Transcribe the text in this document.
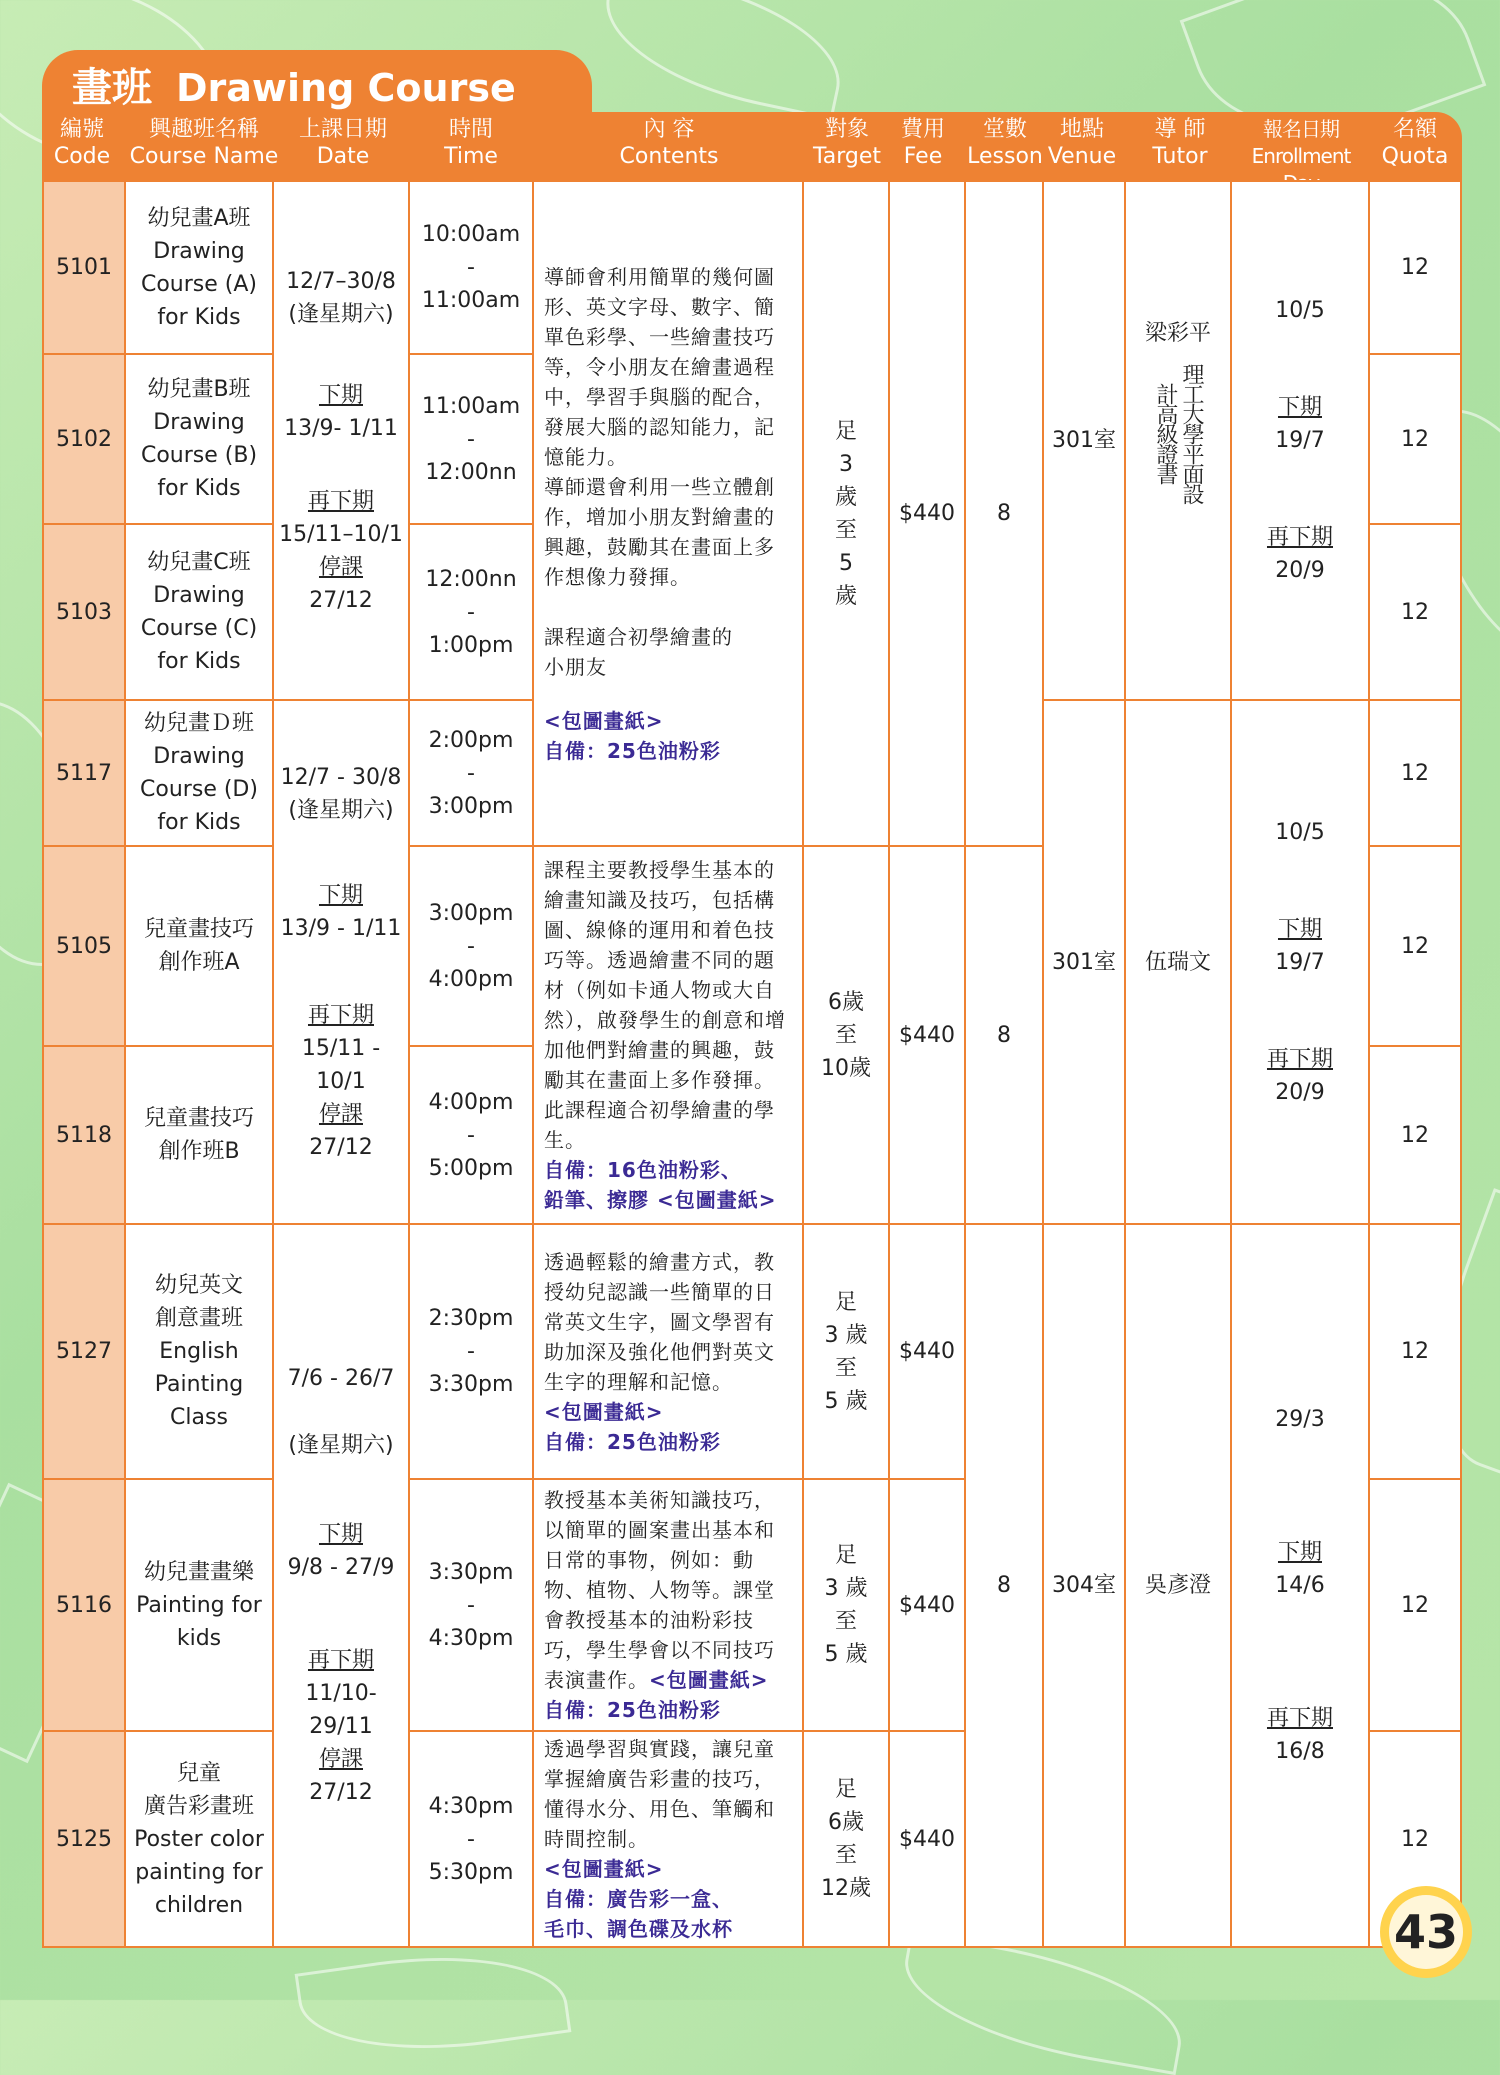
畫班 Drawing Course
編號
Code
興趣班名稱
Course Name
上課日期
Date
時間
Time
內 容
Contents
對象
Target
費用
Fee
堂數
Lesson
地點
Venue
導 師
Tutor
報名日期
Enrollment
名額
Quota
5101
5102
5103
5117
5105
5118
5127
5116
5125
幼兒畫A班
Drawing
Course (A)
for Kids
幼兒畫B班
Drawing
Course (B)
for Kids
幼兒畫C班
Drawing
Course (C)
for Kids
幼兒畫Ｄ班
Drawing
Course (D)
for Kids
兒童畫技巧
創作班A
兒童畫技巧
創作班B
幼兒英文
創意畫班
English
Painting
Class
幼兒畫畫樂
Painting for
kids
兒童
廣告彩畫班
Poster color
painting for
children
12/7–30/8
(逢星期六)
下期
13/9- 1/11
再下期
15/11–10/1
停課
27/12
12/7 - 30/8
(逢星期六)
下期
13/9 - 1/11
再下期
15/11 - 10/1
停課
27/12
7/6 - 26/7
(逢星期六)
下期
9/8 - 27/9
再下期
11/10-29/11
停課
27/12
10:00am
-
11:00am
11:00am
-
12:00nn
12:00nn
-
1:00pm
2:00pm
-
3:00pm
3:00pm
-
4:00pm
4:00pm
-
5:00pm
2:30pm
-
3:30pm
3:30pm
-
4:30pm
4:30pm
-
5:30pm
導師會利用簡單的幾何圖形、英文字母、數字、簡單色彩學、一些繪畫技巧等，令小朋友在繪畫過程中，學習手與腦的配合，發展大腦的認知能力，記憶能力。
導師還會利用一些立體創作，增加小朋友對繪畫的興趣，鼓勵其在畫面上多作想像力發揮。

課程適合初學繪畫的
小朋友
<包圖畫紙>
自備：25色油粉彩
課程主要教授學生基本的繪畫知識及技巧，包括構圖、線條的運用和着色技巧等。透過繪畫不同的題材（例如卡通人物或大自然），啟發學生的創意和增加他們對繪畫的興趣，鼓勵其在畫面上多作發揮。此課程適合初學繪畫的學生。
自備：16色油粉彩、
鉛筆、擦膠 <包圖畫紙>
透過輕鬆的繪畫方式，教授幼兒認識一些簡單的日常英文生字，圖文學習有助加深及強化他們對英文生字的理解和記憶。
<包圖畫紙>
自備：25色油粉彩
教授基本美術知識技巧，以簡單的圖案畫出基本和日常的事物，例如：動物、植物、人物等。課堂會教授基本的油粉彩技巧，學生學會以不同技巧表演畫作。<包圖畫紙>
自備：25色油粉彩
透過學習與實踐，讓兒童掌握繪廣告彩畫的技巧，懂得水分、用色、筆觸和時間控制。
<包圖畫紙>
自備：廣告彩一盒、
毛巾、調色碟及水杯
足
3
歲
至
5
歲
6歲
至
10歲
足
3 歲
至
5 歲
足
3 歲
至
5 歲
足
6歲
至
12歲
$440
$440
$440
$440
$440
8
8
8
301室
301室
304室
梁彩平
理工大學平面設計高級證書
伍瑞文
吳彥澄
10/5
下期
19/7
再下期
20/9
10/5
下期
19/7
再下期
20/9
29/3
下期
14/6
再下期
16/8
12
12
12
12
12
12
12
12
12
43
